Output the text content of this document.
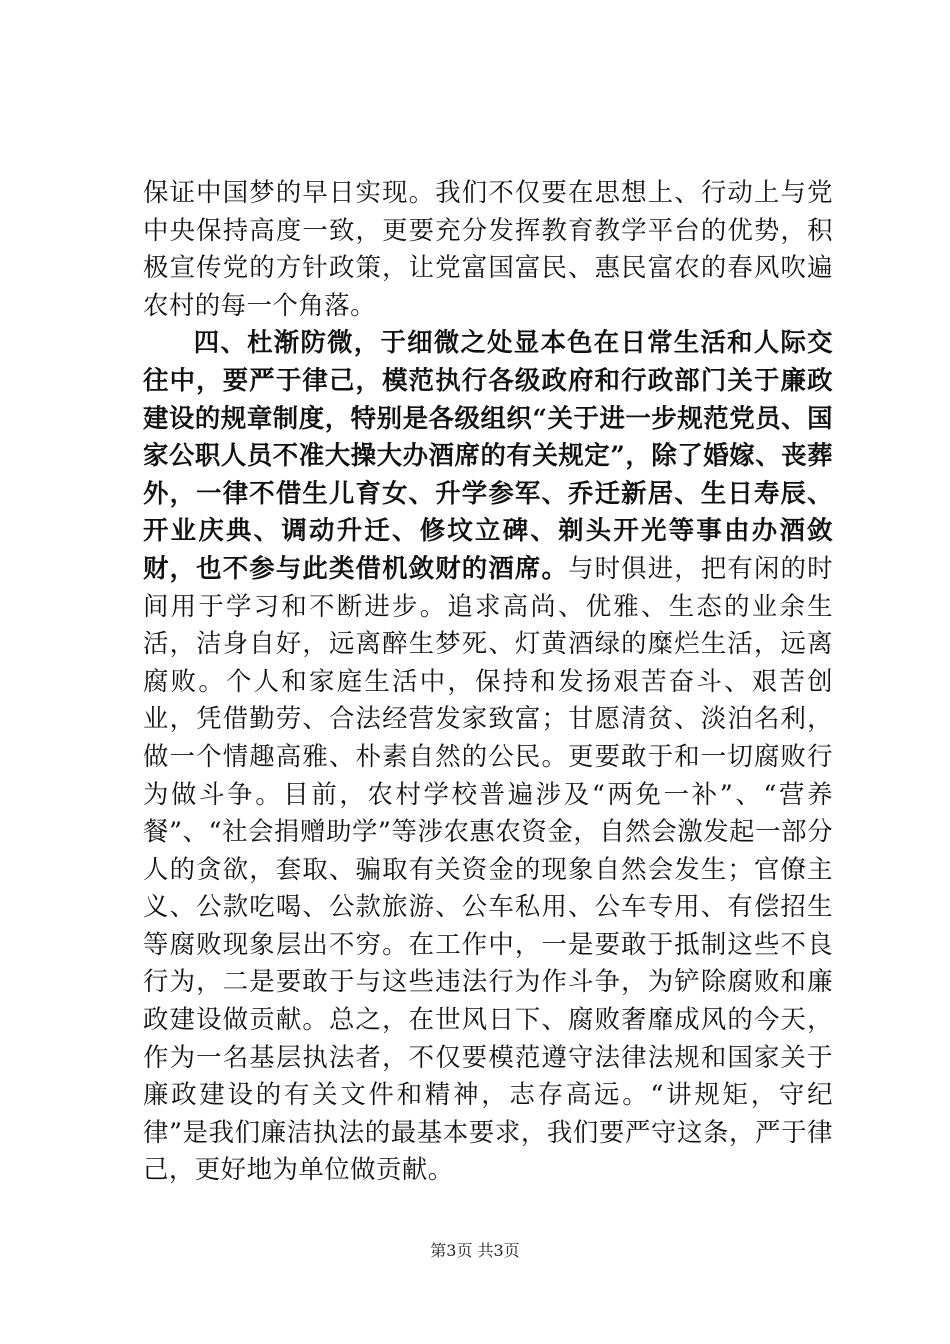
保证中国梦的早日实现。我们不仅要在思想上、行动上与党中央保持高度一致，更要充分发挥教育教学平台的优势，积极宣传党的方针政策，让党富国富民、惠民富农的春风吹遍农村的每一个角落。

四、杜渐防微，于细微之处显本色在日常生活和人际交往中，要严于律己，模范执行各级政府和行政部门关于廉政建设的规章制度，特别是各级组织“关于进一步规范党员、国家公职人员不准大操大办酒席的有关规定”，除了婚嫁、丧葬外，一律不借生儿育女、升学参军、乔迁新居、生日寿辰、开业庆典、调动升迁、修坟立碑、剃头开光等事由办酒敛财，也不参与此类借机敛财的酒席。与时俱进，把有闲的时间用于学习和不断进步。追求高尚、优雅、生态的业余生活，洁身自好，远离醉生梦死、灯黄酒绿的糜烂生活，远离腐败。个人和家庭生活中，保持和发扬艰苦奋斗、艰苦创业，凭借勤劳、合法经营发家致富；甘愿清贫、淡泊名利，做一个情趣高雅、朴素自然的公民。更要敢于和一切腐败行为做斗争。目前，农村学校普遍涉及“两免一补”、“营养餐”、“社会捐赠助学”等涉农惠农资金，自然会激发起一部分人的贪欲，套取、骗取有关资金的现象自然会发生；官僚主义、公款吃喝、公款旅游、公车私用、公车专用、有偿招生等腐败现象层出不穷。在工作中，一是要敢于抵制这些不良行为，二是要敢于与这些违法行为作斗争，为铲除腐败和廉政建设做贡献。总之，在世风日下、腐败奢靡成风的今天，作为一名基层执法者，不仅要模范遵守法律法规和国家关于廉政建设的有关文件和精神，志存高远。“讲规矩，守纪律”是我们廉洁执法的最基本要求，我们要严守这条，严于律己，更好地为单位做贡献。

第3页 共3页
